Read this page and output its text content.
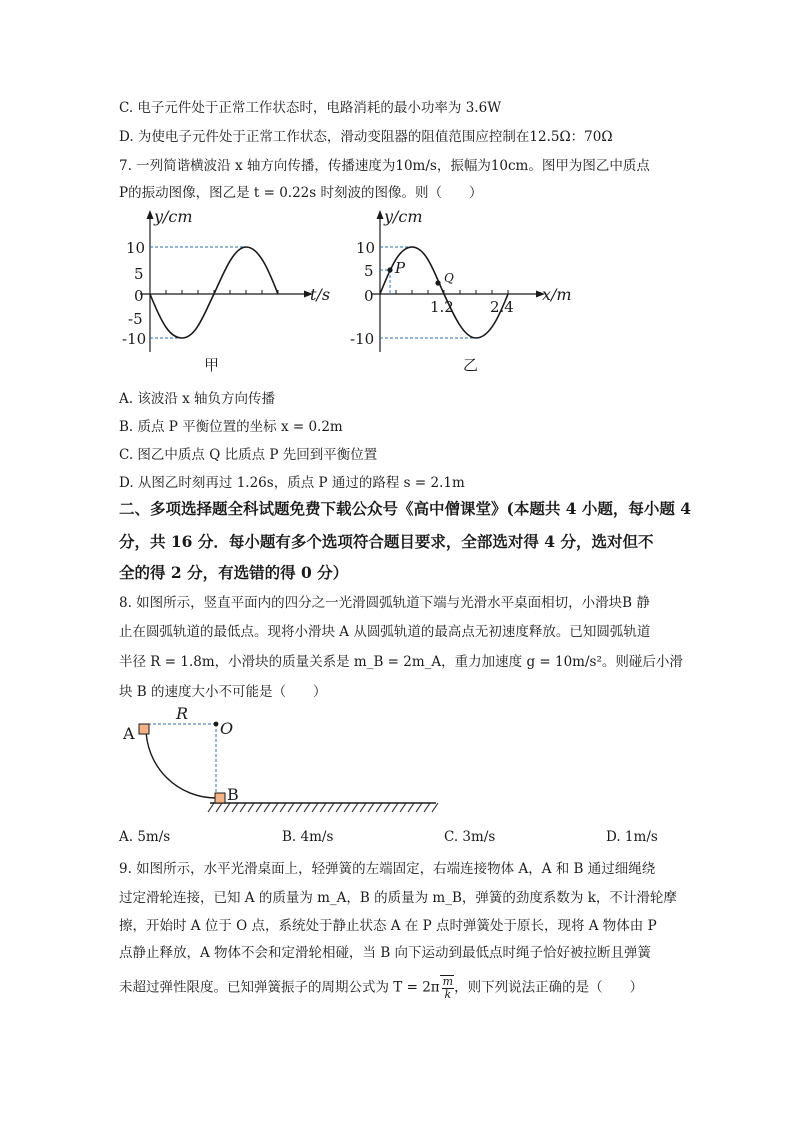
C. 电子元件处于正常工作状态时，电路消耗的最小功率为 3.6W
D. 为使电子元件处于正常工作状态，滑动变阻器的阻值范围应控制在12.5Ω：70Ω
7. 一列简谐横波沿 x 轴方向传播，传播速度为10m/s，振幅为10cm。图甲为图乙中质点
P的振动图像，图乙是 t = 0.22s 时刻波的图像。则（　　）
y/cm
t/s
10
5
0
-5
-10
甲
y/cm
x/m
10
5
0
-10
1.2 2.4
P
Q
乙
A. 该波沿 x 轴负方向传播
B. 质点 P 平衡位置的坐标 x = 0.2m
C. 图乙中质点 Q 比质点 P 先回到平衡位置
D. 从图乙时刻再过 1.26s，质点 P 通过的路程 s = 2.1m
二、多项选择题全科试题免费下载公众号《高中僧课堂》(本题共 4 小题，每小题 4
分，共 16 分．每小题有多个选项符合题目要求，全部选对得 4 分，选对但不
全的得 2 分，有选错的得 0 分）
8. 如图所示，竖直平面内的四分之一光滑圆弧轨道下端与光滑水平桌面相切，小滑块B 静
止在圆弧轨道的最低点。现将小滑块 A 从圆弧轨道的最高点无初速度释放。已知圆弧轨道
半径 R = 1.8m，小滑块的质量关系是 m_B = 2m_A，重力加速度 g = 10m/s²。则碰后小滑
块 B 的速度大小不可能是（　　）
A
R
O
B
A. 5m/s	B. 4m/s	C. 3m/s	D. 1m/s
9. 如图所示，水平光滑桌面上，轻弹簧的左端固定，右端连接物体 A，A 和 B 通过细绳绕
过定滑轮连接，已知 A 的质量为 m_A，B 的质量为 m_B，弹簧的劲度系数为 k，不计滑轮摩
擦，开始时 A 位于 O 点，系统处于静止状态 A 在 P 点时弹簧处于原长，现将 A 物体由 P
点静止释放，A 物体不会和定滑轮相碰，当 B 向下运动到最低点时绳子恰好被拉断且弹簧
未超过弹性限度。已知弹簧振子的周期公式为 $T = 2\pi \frac{m}{k}$ ，则下列说法正确的是（　　）
